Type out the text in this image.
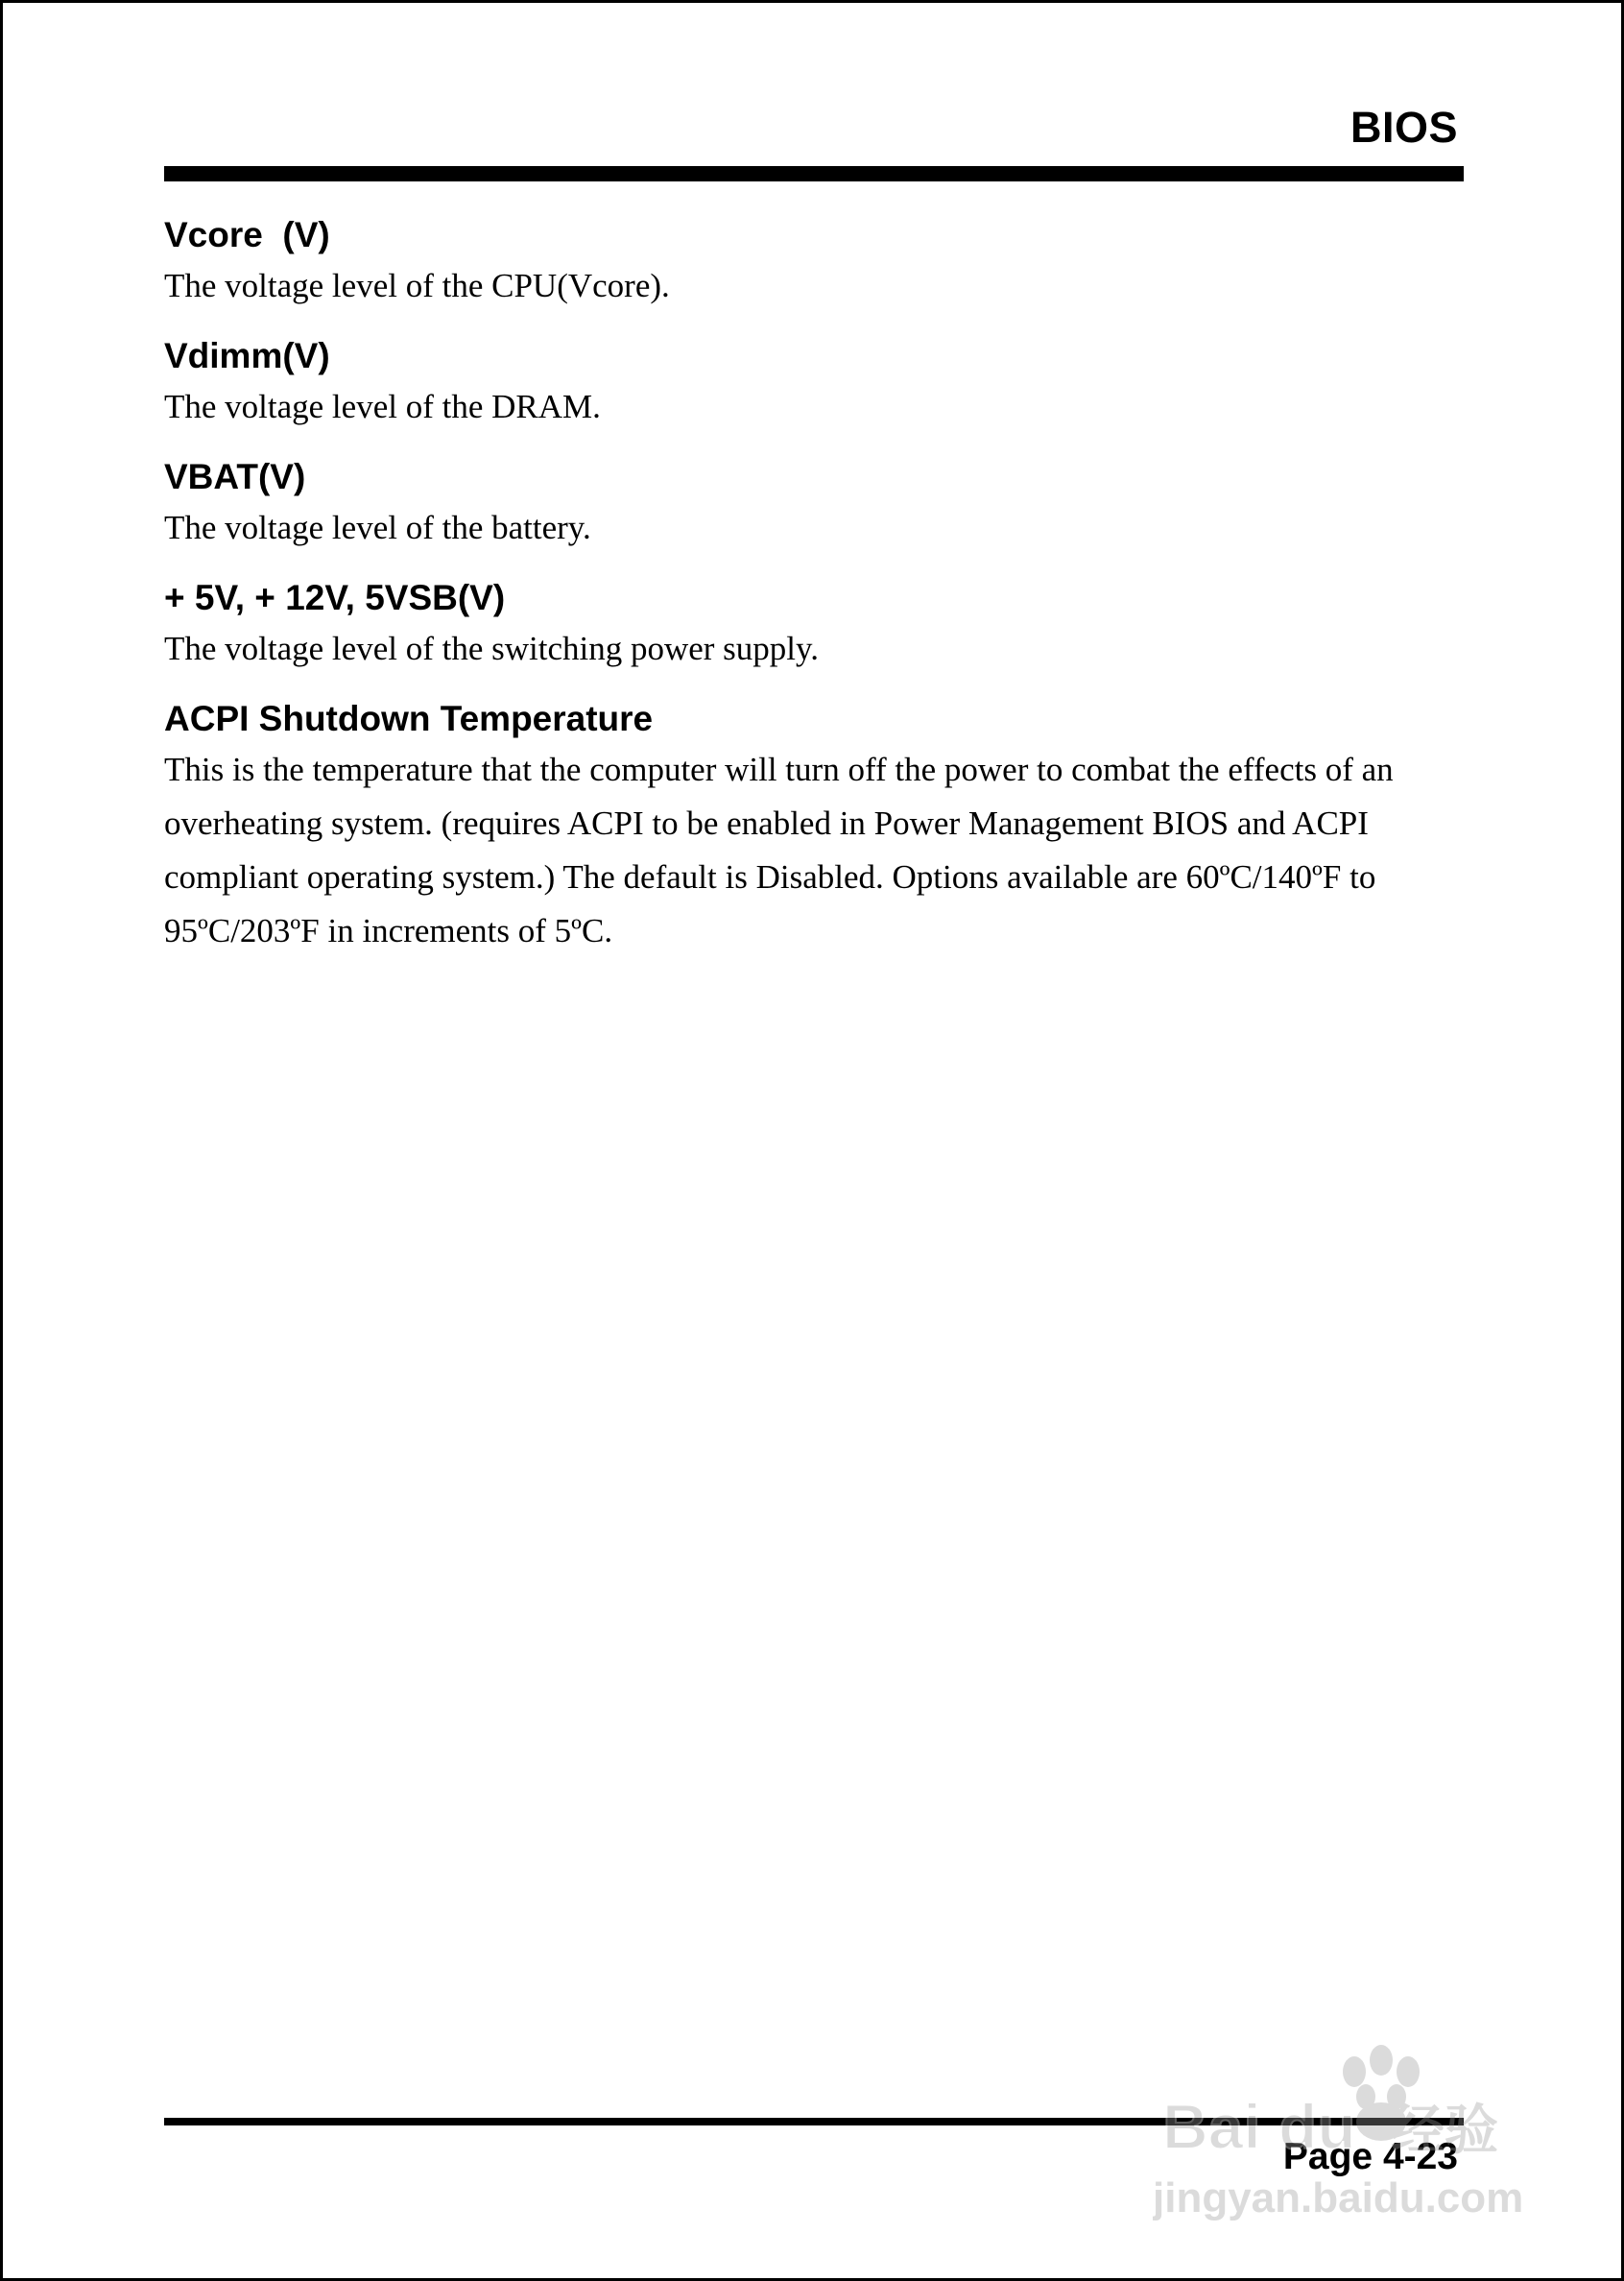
BIOS
Vcore  (V)
The voltage level of the CPU(Vcore).
Vdimm(V)
The voltage level of the DRAM.
VBAT(V)
The voltage level of the battery.
+ 5V, + 12V, 5VSB(V)
The voltage level of the switching power supply.
ACPI Shutdown Temperature
This is the temperature that the computer will turn off the power to combat the effects of an overheating system. (requires ACPI to be enabled in Power Management BIOS and ACPI compliant operating system.) The default is Disabled. Options available are 60ºC/140ºF to 95ºC/203ºF in increments of 5ºC.
Page 4-23
Bai du 经验
jingyan.baidu.com
